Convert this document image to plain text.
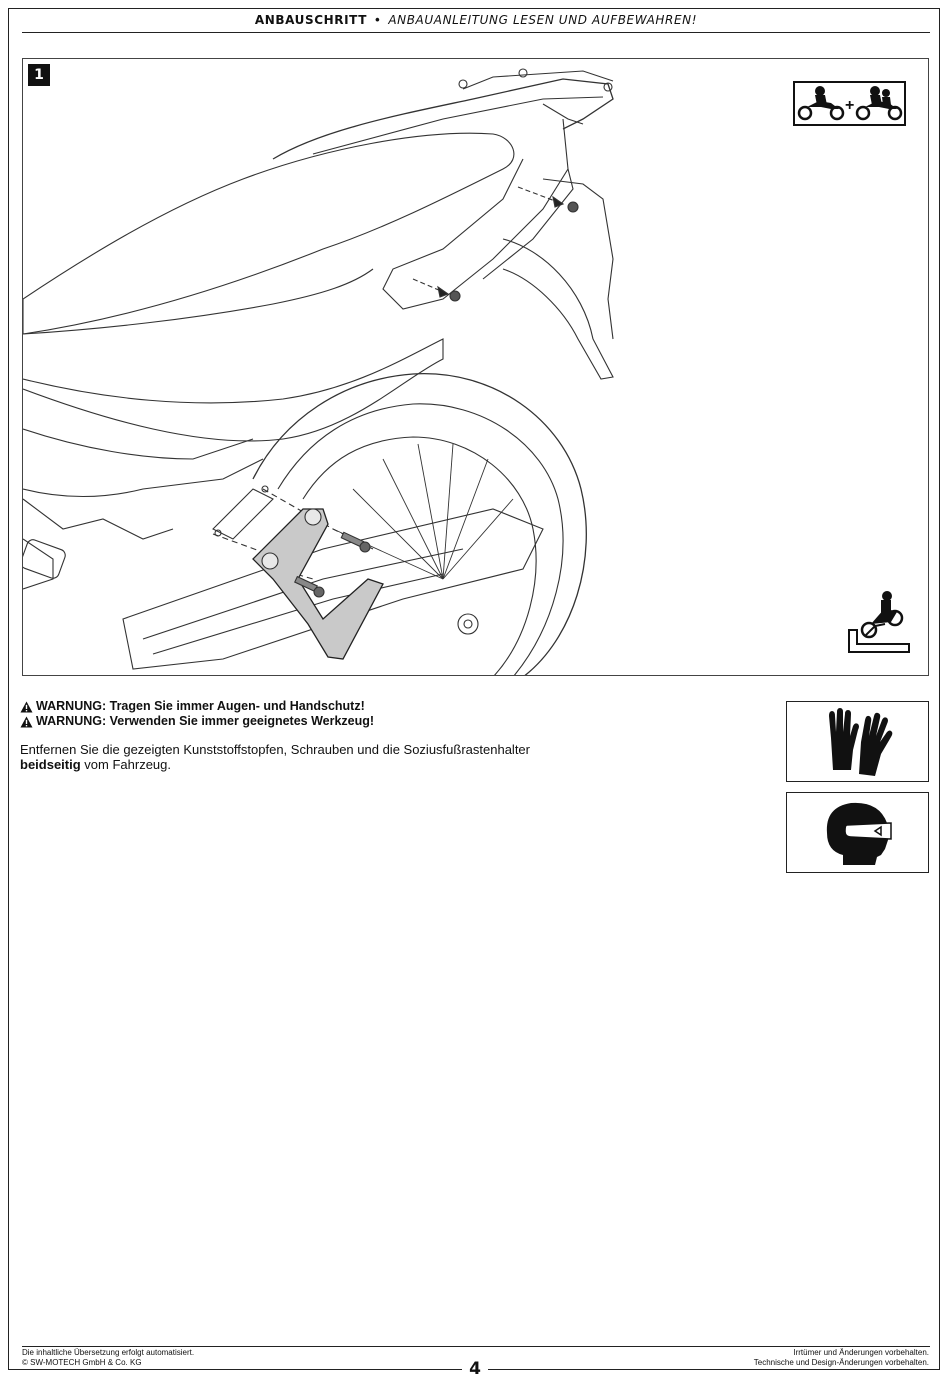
ANBAUSCHRITT • ANBAUANLEITUNG LESEN UND AUFBEWAHREN!
1
+
WARNUNG:
Tragen Sie immer Augen- und Handschutz!
WARNUNG:
Verwenden Sie immer geeignetes Werkzeug!
Entfernen Sie die gezeigten Kunststoffstopfen, Schrauben und die Soziusfußrastenhalter beidseitig vom Fahrzeug.
Die inhaltliche Übersetzung erfolgt automatisiert.
© SW-MOTECH GmbH & Co. KG
Irrtümer und Änderungen vorbehalten.
Technische und Design-Änderungen vorbehalten.
4
